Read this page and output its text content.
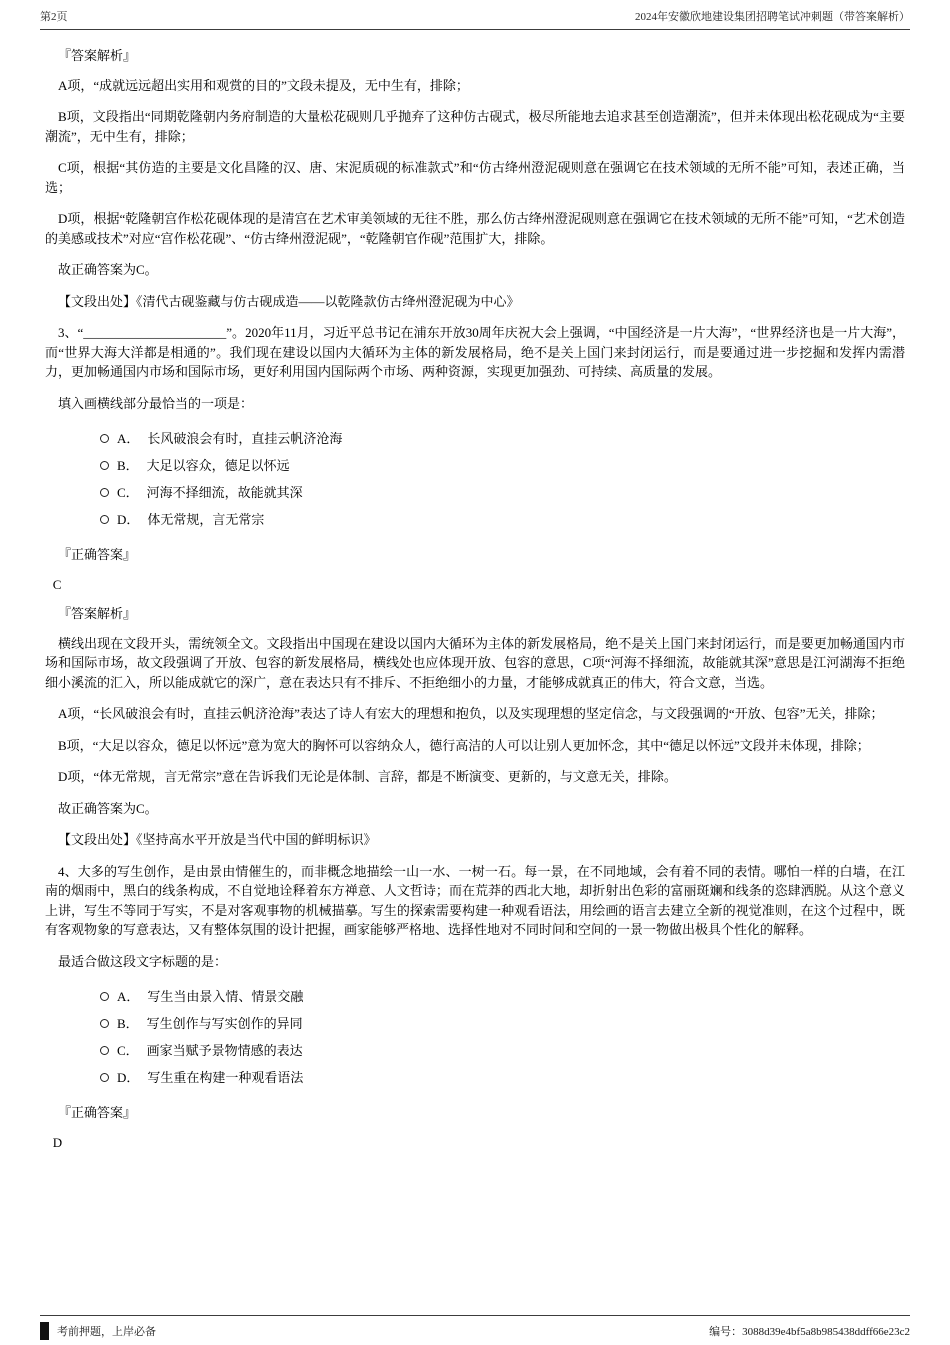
第2页	2024年安徽欣地建设集团招聘笔试冲刺题（带答案解析）
『答案解析』
A项，“成就远远超出实用和观赏的目的”文段未提及，无中生有，排除；
B项，文段指出“同期乾隆朝内务府制造的大量松花砚则几乎抛弃了这种仿古砚式，极尽所能地去追求甚至创造潮流”，但并未体现出松花砚成为“主要潮流”，无中生有，排除；
C项，根据“其仿造的主要是文化昌隆的汉、唐、宋泥质砚的标准款式”和“仿古绛州澄泥砚则意在强调它在技术领域的无所不能”可知，表述正确，当选；
D项，根据“乾隆朝宫作松花砚体现的是清宫在艺术审美领域的无往不胜，那么仿古绛州澄泥砚则意在强调它在技术领域的无所不能”可知，“艺术创造的美感或技术”对应“宫作松花砚”、“仿古绛州澄泥砚”，“乾隆朝官作砚”范围扩大，排除。
故正确答案为C。
【文段出处】《清代古砚鉴藏与仿古砚成造——以乾隆款仿古绛州澄泥砚为中心》
3、“______________________”。2020年11月，习近平总书记在浦东开放30周年庆祝大会上强调，“中国经济是一片大海”，“世界经济也是一片大海”，而“世界大海大洋都是相通的”。我们现在建设以国内大循环为主体的新发展格局，绝不是关上国门来封闭运行，而是要通过进一步挖掘和发挥内需潜力，更加畅通国内市场和国际市场，更好利用国内国际两个市场、两种资源，实现更加强劲、可持续、高质量的发展。
填入画横线部分最恰当的一项是：
A． 长风破浪会有时，直挂云帆济沧海
B． 大足以容众，德足以怀远
C． 河海不择细流，故能就其深
D． 体无常规，言无常宗
『正确答案』
C
『答案解析』
横线出现在文段开头，需统领全文。文段指出中国现在建设以国内大循环为主体的新发展格局，绝不是关上国门来封闭运行，而是要更加畅通国内市场和国际市场，故文段强调了开放、包容的新发展格局，横线处也应体现开放、包容的意思，C项“河海不择细流，故能就其深”意思是江河湖海不拒绝细小溪流的汇入，所以能成就它的深广，意在表达只有不排斥、不拒绝细小的力量，才能够成就真正的伟大，符合文意，当选。
A项，“长风破浪会有时，直挂云帆济沧海”表达了诗人有宏大的理想和抱负，以及实现理想的坚定信念，与文段强调的“开放、包容”无关，排除；
B项，“大足以容众，德足以怀远”意为宽大的胸怀可以容纳众人，德行高洁的人可以让别人更加怀念，其中“德足以怀远”文段并未体现，排除；
D项，“体无常规，言无常宗”意在告诉我们无论是体制、言辞，都是不断演变、更新的，与文意无关，排除。
故正确答案为C。
【文段出处】《坚持高水平开放是当代中国的鲜明标识》
4、大多的写生创作，是由景由情催生的，而非概念地描绘一山一水、一树一石。每一景，在不同地域，会有着不同的表情。哪怕一样的白墙，在江南的烟雨中，黑白的线条构成，不自觉地诠释着东方禅意、人文哲诗；而在荒莽的西北大地，却折射出色彩的富丽斑斓和线条的恣肆洒脱。从这个意义上讲，写生不等同于写实，不是对客观事物的机械描摹。写生的探索需要构建一种观看语法，用绘画的语言去建立全新的视觉准则，在这个过程中，既有客观物象的写意表达，又有整体氛围的设计把握，画家能够严格地、选择性地对不同时间和空间的一景一物做出极具个性化的解释。
最适合做这段文字标题的是：
A． 写生当由景入情、情景交融
B． 写生创作与写实创作的异同
C． 画家当赋予景物情感的表达
D． 写生重在构建一种观看语法
『正确答案』
D
考前押题，上岸必备	编号：3088d39e4bf5a8b985438ddff66e23c2
